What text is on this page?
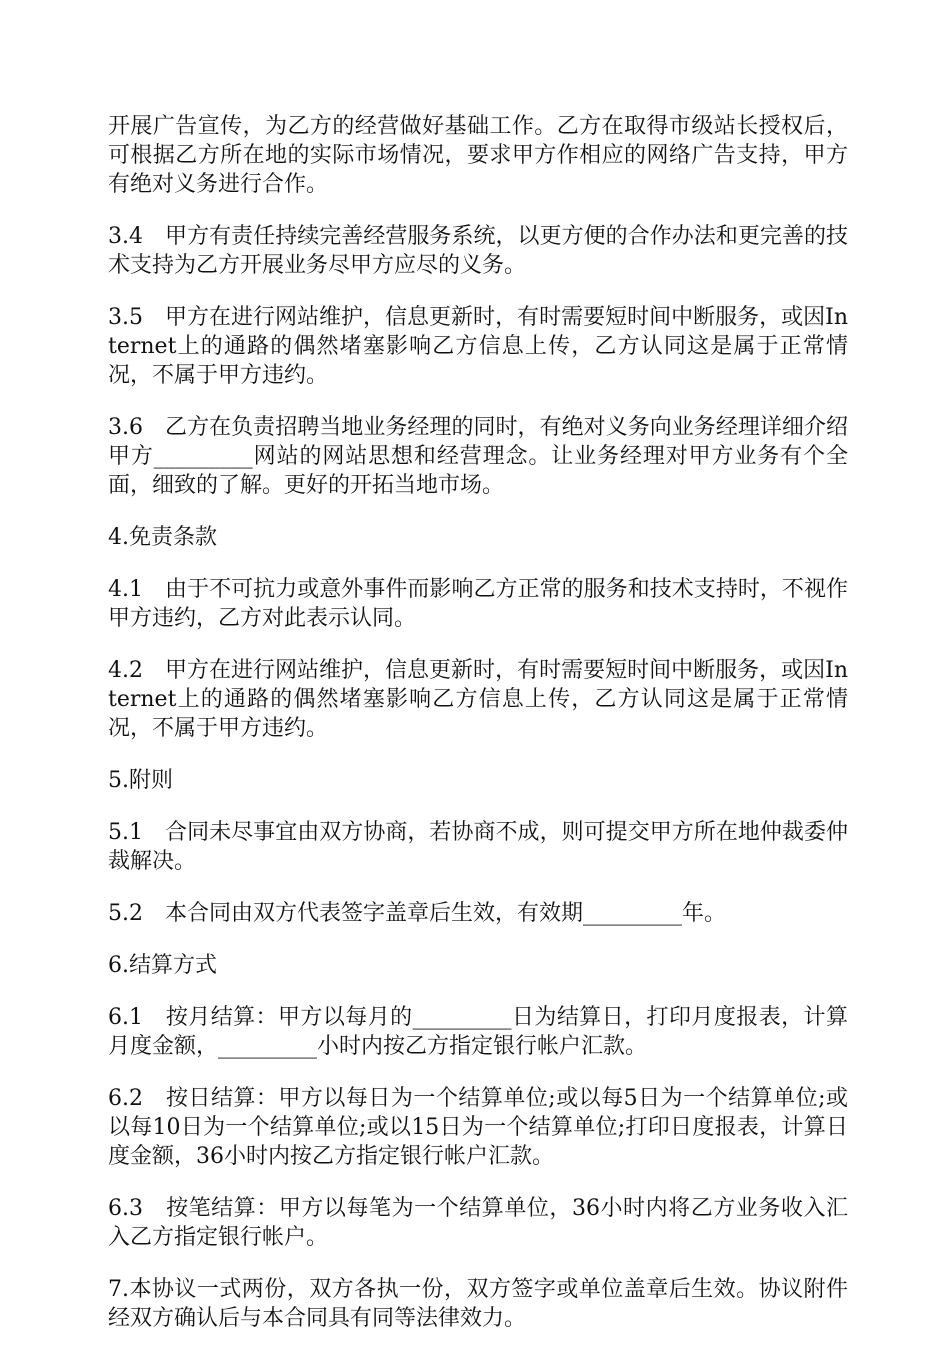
开展广告宣传，为乙方的经营做好基础工作。乙方在取得市级站长授权后，可根据乙方所在地的实际市场情况，要求甲方作相应的网络广告支持，甲方有绝对义务进行合作。

3.4　甲方有责任持续完善经营服务系统，以更方便的合作办法和更完善的技术支持为乙方开展业务尽甲方应尽的义务。

3.5　甲方在进行网站维护，信息更新时，有时需要短时间中断服务，或因Internet上的通路的偶然堵塞影响乙方信息上传，乙方认同这是属于正常情况，不属于甲方违约。

3.6　乙方在负责招聘当地业务经理的同时，有绝对义务向业务经理详细介绍甲方_________网站的网站思想和经营理念。让业务经理对甲方业务有个全面，细致的了解。更好的开拓当地市场。

4.免责条款

4.1　由于不可抗力或意外事件而影响乙方正常的服务和技术支持时，不视作甲方违约，乙方对此表示认同。

4.2　甲方在进行网站维护，信息更新时，有时需要短时间中断服务，或因Internet上的通路的偶然堵塞影响乙方信息上传，乙方认同这是属于正常情况，不属于甲方违约。

5.附则

5.1　合同未尽事宜由双方协商，若协商不成，则可提交甲方所在地仲裁委仲裁解决。

5.2　本合同由双方代表签字盖章后生效，有效期_________年。

6.结算方式

6.1　按月结算：甲方以每月的_________日为结算日，打印月度报表，计算月度金额，_________小时内按乙方指定银行帐户汇款。

6.2　按日结算：甲方以每日为一个结算单位;或以每5日为一个结算单位;或以每10日为一个结算单位;或以15日为一个结算单位;打印日度报表，计算日度金额，36小时内按乙方指定银行帐户汇款。

6.3　按笔结算：甲方以每笔为一个结算单位，36小时内将乙方业务收入汇入乙方指定银行帐户。

7.本协议一式两份，双方各执一份，双方签字或单位盖章后生效。协议附件经双方确认后与本合同具有同等法律效力。
